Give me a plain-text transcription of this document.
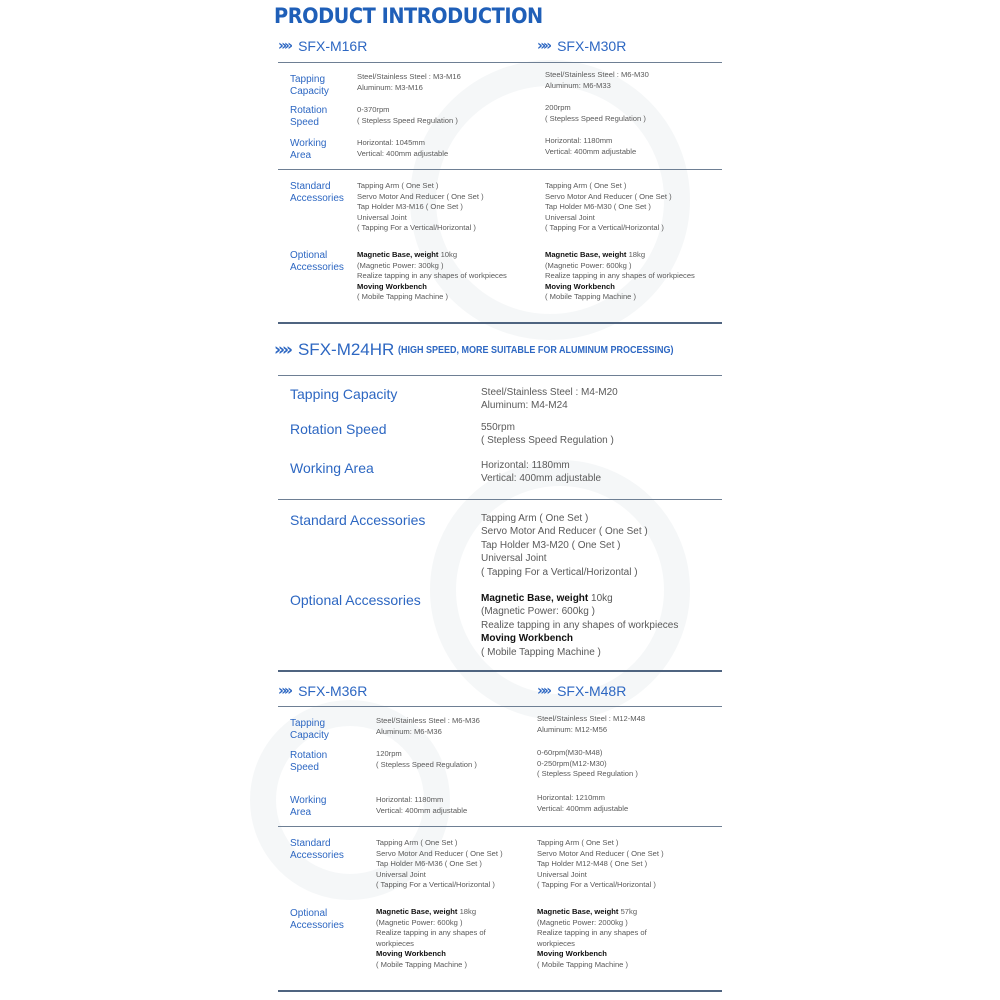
PRODUCT INTRODUCTION
»» SFX-M16R	»» SFX-M30R
Tapping Capacity
Rotation Speed
Working Area
Steel/Stainless Steel : M3-M16
Aluminum: M3-M16
0-370rpm
( Stepless Speed Regulation )
Horizontal: 1045mm
Vertical: 400mm adjustable
Steel/Stainless Steel : M6-M30
Aluminum: M6-M33
200rpm
( Stepless Speed Regulation )
Horizontal: 1180mm
Vertical: 400mm adjustable
Standard Accessories
Optional Accessories
Tapping Arm ( One Set )
Servo Motor And Reducer ( One Set )
Tap Holder M3-M16 ( One Set )
Universal Joint
( Tapping For a Vertical/Horizontal )
Magnetic Base, weight 10kg
(Magnetic Power: 300kg )
Realize tapping in any shapes of workpieces
Moving Workbench
( Mobile Tapping Machine )
Tapping Arm ( One Set )
Servo Motor And Reducer ( One Set )
Tap Holder M6-M30 ( One Set )
Universal Joint
( Tapping For a Vertical/Horizontal )
Magnetic Base, weight 18kg
(Magnetic Power: 600kg )
Realize tapping in any shapes of workpieces
Moving Workbench
( Mobile Tapping Machine )
»» SFX-M24HR (HIGH SPEED, MORE SUITABLE FOR ALUMINUM PROCESSING)
Tapping Capacity
Rotation Speed
Working Area
Steel/Stainless Steel : M4-M20
Aluminum: M4-M24
550rpm
( Stepless Speed Regulation )
Horizontal: 1180mm
Vertical: 400mm adjustable
Standard Accessories
Optional Accessories
Tapping Arm ( One Set )
Servo Motor And Reducer ( One Set )
Tap Holder M3-M20 ( One Set )
Universal Joint
( Tapping For a Vertical/Horizontal )
Magnetic Base, weight 10kg
(Magnetic Power: 600kg )
Realize tapping in any shapes of workpieces
Moving Workbench
( Mobile Tapping Machine )
»» SFX-M36R	»» SFX-M48R
Tapping Capacity
Rotation Speed
Working Area
Steel/Stainless Steel : M6-M36
Aluminum: M6-M36
120rpm
( Stepless Speed Regulation )
Horizontal: 1180mm
Vertical: 400mm adjustable
Steel/Stainless Steel : M12-M48
Aluminum: M12-M56
0-60rpm(M30-M48)
0-250rpm(M12-M30)
( Stepless Speed Regulation )
Horizontal: 1210mm
Vertical: 400mm adjustable
Standard Accessories
Optional Accessories
Tapping Arm ( One Set )
Servo Motor And Reducer ( One Set )
Tap Holder M6-M36 ( One Set )
Universal Joint
( Tapping For a Vertical/Horizontal )
Magnetic Base, weight 18kg
(Magnetic Power: 600kg )
Realize tapping in any shapes of
workpieces
Moving Workbench
( Mobile Tapping Machine )
Tapping Arm ( One Set )
Servo Motor And Reducer ( One Set )
Tap Holder M12-M48 ( One Set )
Universal Joint
( Tapping For a Vertical/Horizontal )
Magnetic Base, weight 57kg
(Magnetic Power: 2000kg )
Realize tapping in any shapes of
workpieces
Moving Workbench
( Mobile Tapping Machine )
